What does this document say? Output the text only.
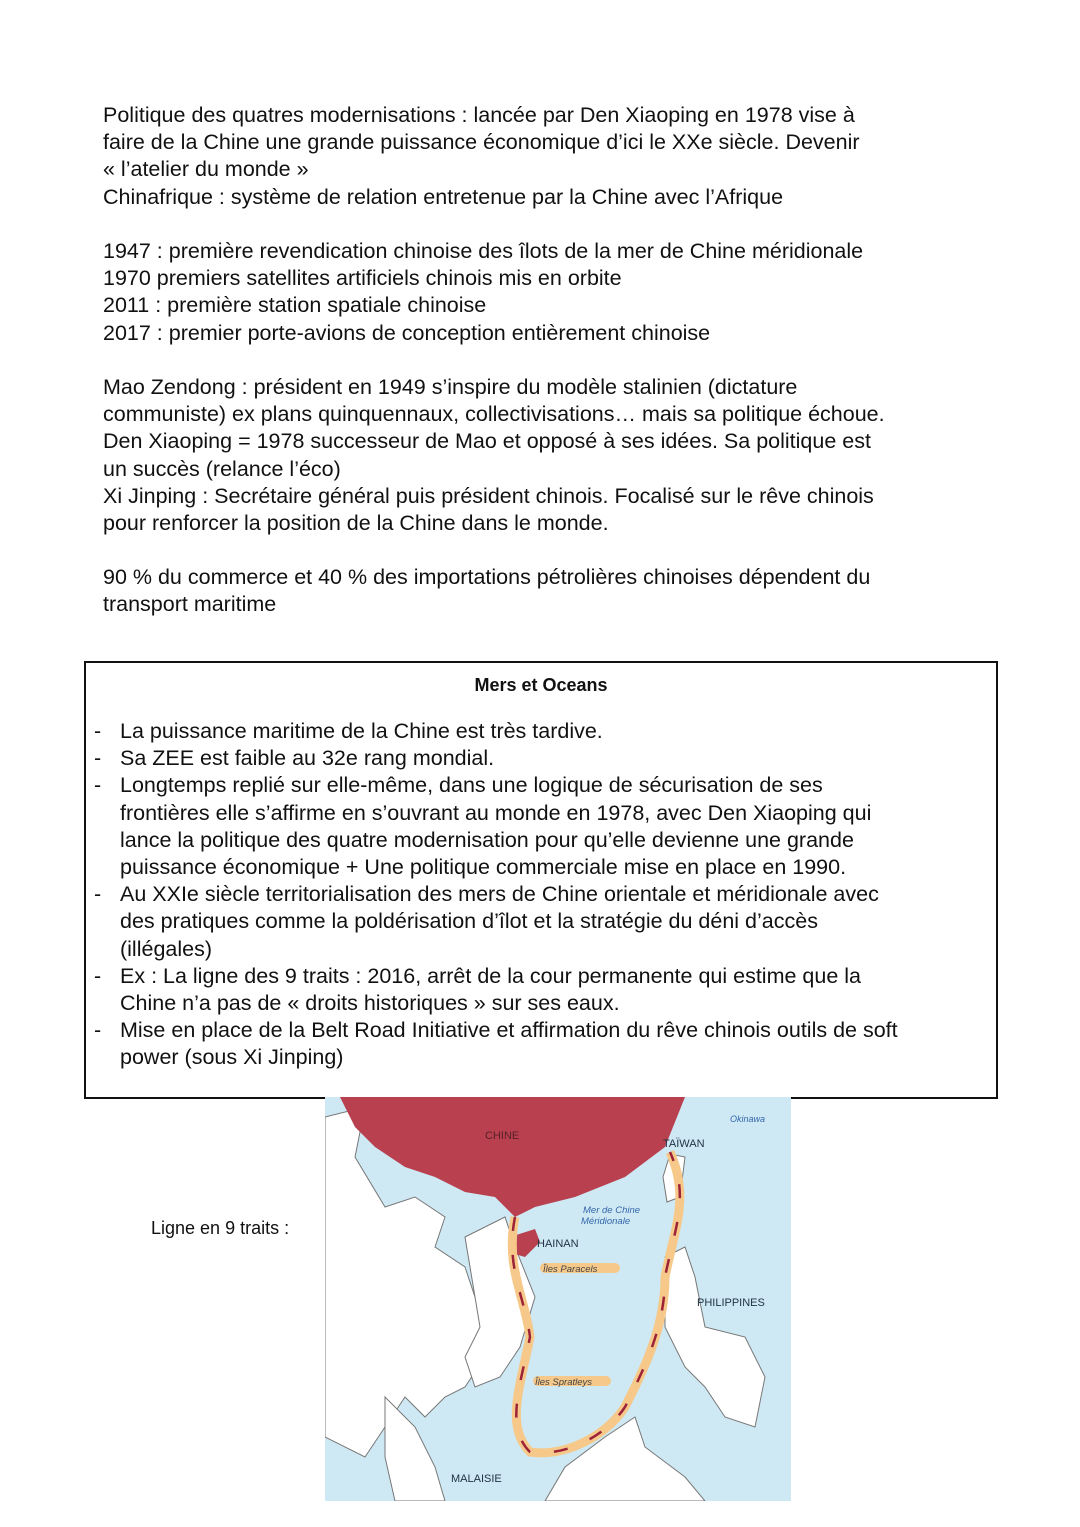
Politique des quatres modernisations : lancée par Den Xiaoping en 1978 vise à
faire de la Chine une grande puissance économique d’ici le XXe siècle. Devenir
« l’atelier du monde »
Chinafrique : système de relation entretenue par la Chine avec l’Afrique
1947 : première revendication chinoise des îlots de la mer de Chine méridionale
1970 premiers satellites artificiels chinois mis en orbite
2011 : première station spatiale chinoise
2017 : premier porte-avions de conception entièrement chinoise
Mao Zendong : président en 1949 s’inspire du modèle stalinien (dictature
communiste) ex plans quinquennaux, collectivisations… mais sa politique échoue.
Den Xiaoping = 1978 successeur de Mao et opposé à ses idées. Sa politique est
un succès (relance l’éco)
Xi Jinping : Secrétaire général puis président chinois. Focalisé sur le rêve chinois
pour renforcer la position de la Chine dans le monde.
90 % du commerce et 40 % des importations pétrolières chinoises dépendent du
transport maritime
Mers et Oceans
- La puissance maritime de la Chine est très tardive.
- Sa ZEE est faible au 32e rang mondial.
- Longtemps replié sur elle-même, dans une logique de sécurisation de ses
frontières elle s’affirme en s’ouvrant au monde en 1978, avec Den Xiaoping qui
lance la politique des quatre modernisation pour qu’elle devienne une grande
puissance économique + Une politique commerciale mise en place en 1990.
- Au XXIe siècle territorialisation des mers de Chine orientale et méridionale avec
des pratiques comme la poldérisation d’îlot et la stratégie du déni d’accès
(illégales)
- Ex : La ligne des 9 traits : 2016, arrêt de la cour permanente qui estime que la
Chine n’a pas de « droits historiques » sur ses eaux.
- Mise en place de la Belt Road Initiative et affirmation du rêve chinois outils de soft
power (sous Xi Jinping)
Ligne en 9 traits :
CHINE
TAÏWAN
Okinawa
Mer de Chine
Méridionale
HAINAN
Îles Paracels
PHILIPPINES
Îles Spratleys
MALAISIE
